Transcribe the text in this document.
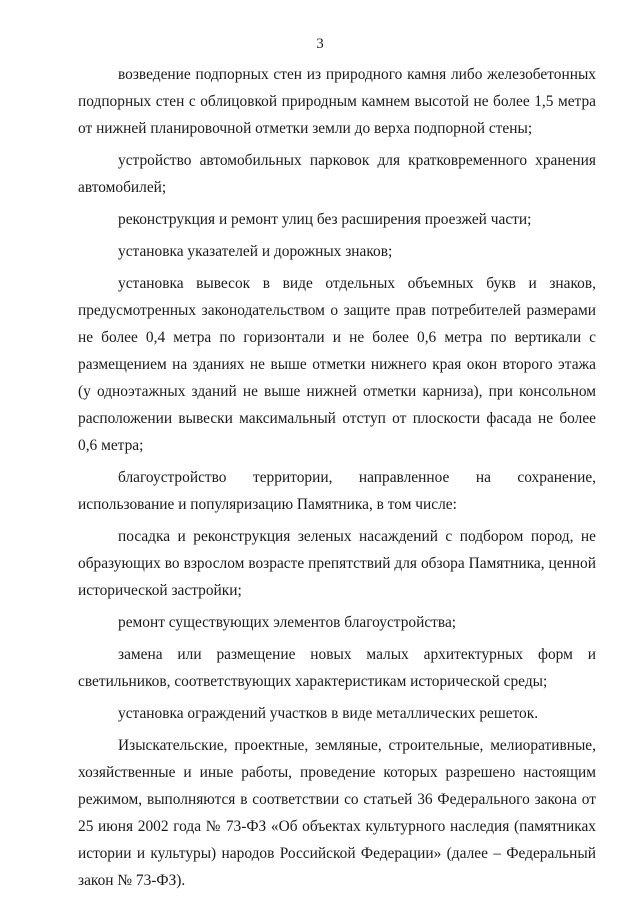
3

возведение подпорных стен из природного камня либо железобетонных подпорных стен с облицовкой природным камнем высотой не более 1,5 метра от нижней планировочной отметки земли до верха подпорной стены;

устройство автомобильных парковок для кратковременного хранения автомобилей;

реконструкция и ремонт улиц без расширения проезжей части;

установка указателей и дорожных знаков;

установка вывесок в виде отдельных объемных букв и знаков, предусмотренных законодательством о защите прав потребителей размерами не более 0,4 метра по горизонтали и не более 0,6 метра по вертикали с размещением на зданиях не выше отметки нижнего края окон второго этажа (у одноэтажных зданий не выше нижней отметки карниза), при консольном расположении вывески максимальный отступ от плоскости фасада не более 0,6 метра;

благоустройство территории, направленное на сохранение, использование и популяризацию Памятника, в том числе:

посадка и реконструкция зеленых насаждений с подбором пород, не образующих во взрослом возрасте препятствий для обзора Памятника, ценной исторической застройки;

ремонт существующих элементов благоустройства;

замена или размещение новых малых архитектурных форм и светильников, соответствующих характеристикам исторической среды;

установка ограждений участков в виде металлических решеток.

Изыскательские, проектные, земляные, строительные, мелиоративные, хозяйственные и иные работы, проведение которых разрешено настоящим режимом, выполняются в соответствии со статьей 36 Федерального закона от 25 июня 2002 года № 73-ФЗ «Об объектах культурного наследия (памятниках истории и культуры) народов Российской Федерации» (далее – Федеральный закон № 73-ФЗ).
